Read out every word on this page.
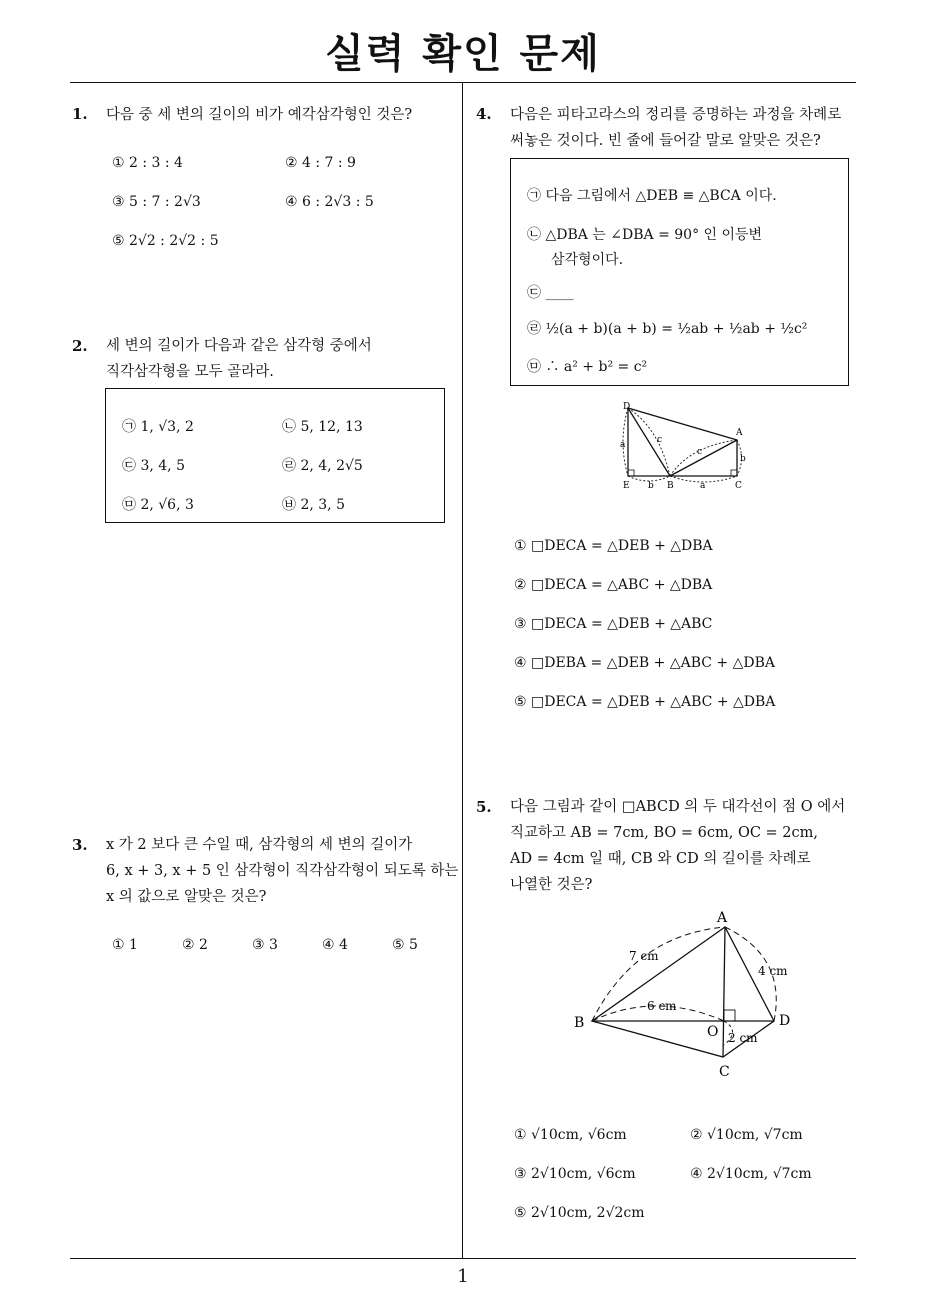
실력 확인 문제
1
1. 다음 중 세 변의 길이의 비가 예각삼각형인 것은?
① 2 : 3 : 4	② 4 : 7 : 9
③ 5 : 7 : 2√3	④ 6 : 2√3 : 5
⑤ 2√2 : 2√2 : 5
2. 세 변의 길이가 다음과 같은 삼각형 중에서
직각삼각형을 모두 골라라.
㉠ 1, √3, 2	㉡ 5, 12, 13
㉢ 3, 4, 5	㉣ 2, 4, 2√5
㉤ 2, √6, 3	㉥ 2, 3, 5
3. x 가 2 보다 큰 수일 때, 삼각형의 세 변의 길이가
6, x + 3, x + 5 인 삼각형이 직각삼각형이 되도록 하는
x 의 값으로 알맞은 것은?
① 1	② 2	③ 3	④ 4	⑤ 5
4. 다음은 피타고라스의 정리를 증명하는 과정을 차례로
써놓은 것이다. 빈 줄에 들어갈 말로 알맞은 것은?
㉠ 다음 그림에서 △DEB ≡ △BCA 이다.
㉡ △DBA 는 ∠DBA = 90° 인 이등변
삼각형이다.
㉢ ____
㉣ ½(a + b)(a + b) = ½ab + ½ab + ½c²
㉤ ∴ a² + b² = c²
D
A
a	c
c
b
E b B	a	C
① □DECA = △DEB + △DBA
② □DECA = △ABC + △DBA
③ □DECA = △DEB + △ABC
④ □DEBA = △DEB + △ABC + △DBA
⑤ □DECA = △DEB + △ABC + △DBA
5. 다음 그림과 같이 □ABCD 의 두 대각선이 점 O 에서
직교하고 AB = 7cm, BO = 6cm, OC = 2cm,
AD = 4cm 일 때, CB 와 CD 의 길이를 차례로
나열한 것은?
A
B
C
D
O
7 cm
4 cm
6 cm
2 cm
① √10cm, √6cm	② √10cm, √7cm
③ 2√10cm, √6cm	④ 2√10cm, √7cm
⑤ 2√10cm, 2√2cm
